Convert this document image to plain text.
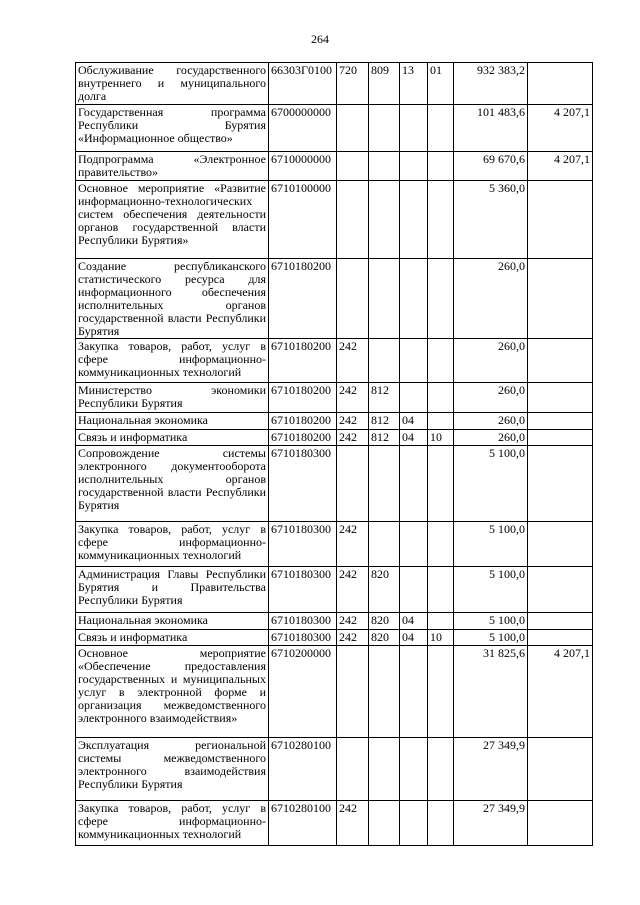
264
Обслуживание государственного внутреннего и муниципального долга	66303Г0100	720	809	13	01	932 383,2	
Государственная программа Республики Бурятия «Информационное общество»	6700000000					101 483,6	4 207,1
Подпрограмма «Электронное правительство»	6710000000					69 670,6	4 207,1
Основное мероприятие «Развитие информационно-технологических систем обеспечения деятельности органов государственной власти Республики Бурятия»	6710100000					5 360,0	
Создание республиканского статистического ресурса для информационного обеспечения исполнительных органов государственной власти Республики Бурятия	6710180200					260,0	
Закупка товаров, работ, услуг в сфере информационно-коммуникационных технологий	6710180200	242				260,0	
Министерство экономики Республики Бурятия	6710180200	242	812			260,0	
Национальная экономика	6710180200	242	812	04		260,0	
Связь и информатика	6710180200	242	812	04	10	260,0	
Сопровождение системы электронного документооборота исполнительных органов государственной власти Республики Бурятия	6710180300					5 100,0	
Закупка товаров, работ, услуг в сфере информационно-коммуникационных технологий	6710180300	242				5 100,0	
Администрация Главы Республики Бурятия и Правительства Республики Бурятия	6710180300	242	820			5 100,0	
Национальная экономика	6710180300	242	820	04		5 100,0	
Связь и информатика	6710180300	242	820	04	10	5 100,0	
Основное мероприятие «Обеспечение предоставления государственных и муниципальных услуг в электронной форме и организация межведомственного электронного взаимодействия»	6710200000					31 825,6	4 207,1
Эксплуатация региональной системы межведомственного электронного взаимодействия Республики Бурятия	6710280100					27 349,9	
Закупка товаров, работ, услуг в сфере информационно-коммуникационных технологий	6710280100	242				27 349,9	
